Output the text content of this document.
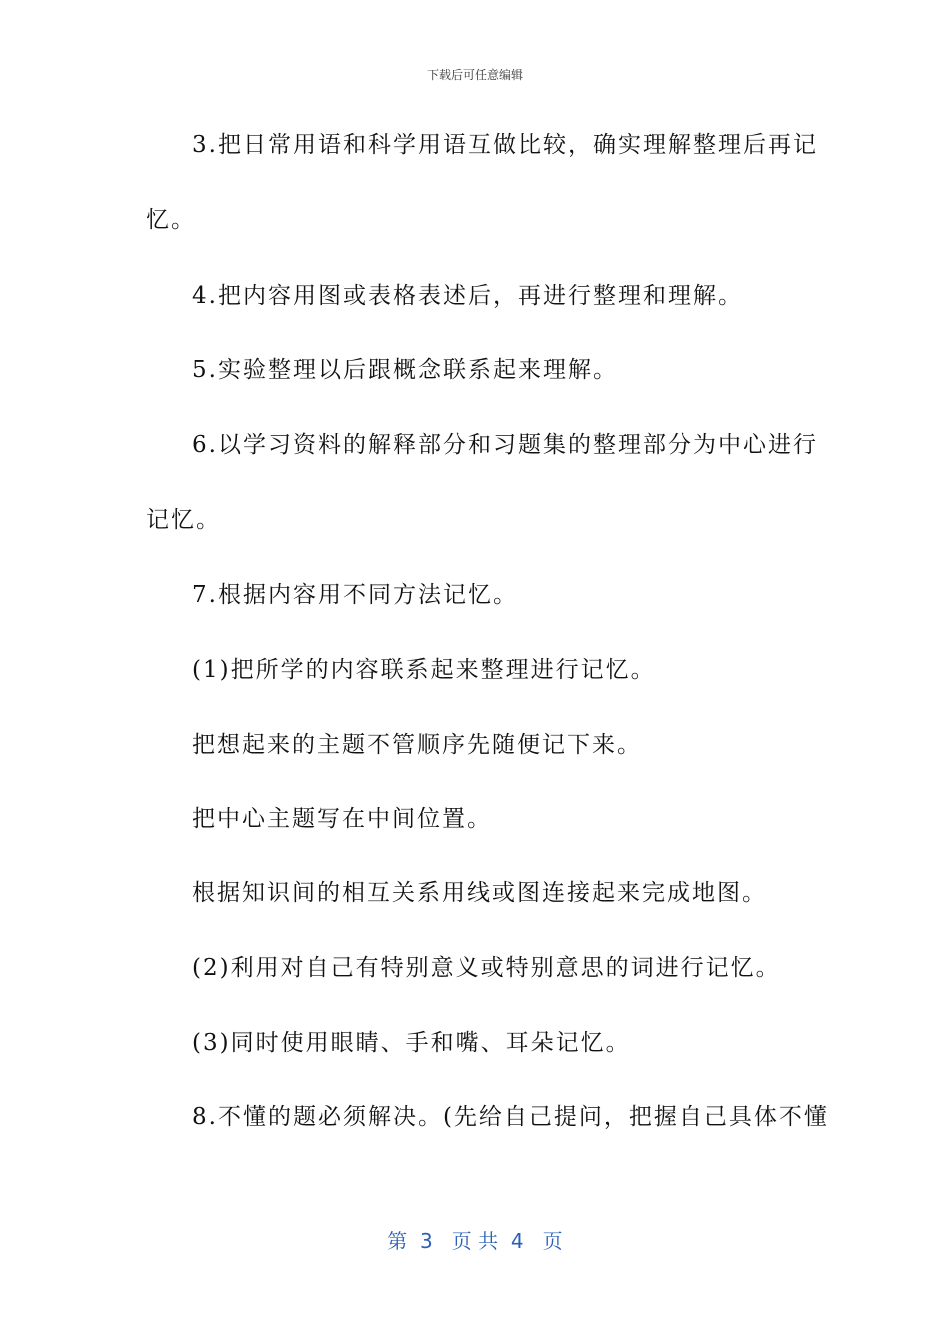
下载后可任意编辑
3.把日常用语和科学用语互做比较，确实理解整理后再记
忆。
4.把内容用图或表格表述后，再进行整理和理解。
5.实验整理以后跟概念联系起来理解。
6.以学习资料的解释部分和习题集的整理部分为中心进行
记忆。
7.根据内容用不同方法记忆。
(1)把所学的内容联系起来整理进行记忆。
把想起来的主题不管顺序先随便记下来。
把中心主题写在中间位置。
根据知识间的相互关系用线或图连接起来完成地图。
(2)利用对自己有特别意义或特别意思的词进行记忆。
(3)同时使用眼睛、手和嘴、耳朵记忆。
8.不懂的题必须解决。(先给自己提问，把握自己具体不懂
第  3   页 共  4   页
